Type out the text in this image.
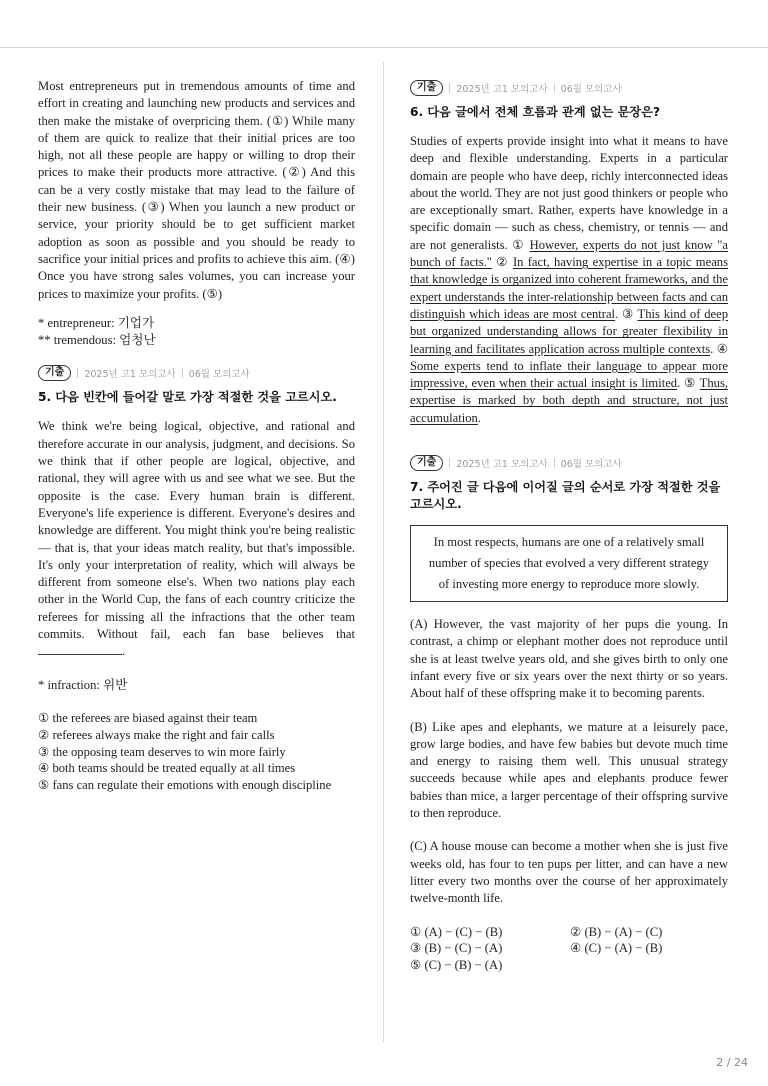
Most entrepreneurs put in tremendous amounts of time and effort in creating and launching new products and services and then make the mistake of overpricing them. (①) While many of them are quick to realize that their initial prices are too high, not all these people are happy or willing to drop their prices to make their products more attractive. (②) And this can be a very costly mistake that may lead to the failure of their new business. (③) When you launch a new product or service, your priority should be to get sufficient market adoption as soon as possible and you should be ready to sacrifice your initial prices and profits to achieve this aim. (④) Once you have strong sales volumes, you can increase your prices to maximize your profits. (⑤)

* entrepreneur: 기업가

** tremendous: 엄청난

기출	2025년 고1 모의고사 06월 모의고사
5. 다음 빈칸에 들어갈 말로 가장 적절한 것을 고르시오.

We think we're being logical, objective, and rational and therefore accurate in our analysis, judgment, and decisions. So we think that if other people are logical, objective, and rational, they will agree with us and see what we see. But the opposite is the case. Every human brain is different. Everyone's life experience is different. Everyone's desires and knowledge are different. You might think you're being realistic — that is, that your ideas match reality, but that's impossible. It's only your interpretation of reality, which will always be different from someone else's. When two nations play each other in the World Cup, the fans of each country criticize the referees for missing all the infractions that the other team commits. Without fail, each fan base believes that .

* infraction: 위반

① the referees are biased against their team

② referees always make the right and fair calls

③ the opposing team deserves to win more fairly

④ both teams should be treated equally at all times

⑤ fans can regulate their emotions with enough discipline

기출	2025년 고1 모의고사 06월 모의고사
6. 다음 글에서 전체 흐름과 관계 없는 문장은?

Studies of experts provide insight into what it means to have deep and flexible understanding. Experts in a particular domain are people who have deep, richly interconnected ideas about the world. They are not just good thinkers or people who are exceptionally smart. Rather, experts have knowledge in a specific domain — such as chess, chemistry, or tennis — and are not generalists. ① However, experts do not just know "a bunch of facts." ② In fact, having expertise in a topic means that knowledge is organized into coherent frameworks, and the expert understands the inter-relationship between facts and can distinguish which ideas are most central. ③ This kind of deep but organized understanding allows for greater flexibility in learning and facilitates application across multiple contexts. ④ Some experts tend to inflate their language to appear more impressive, even when their actual insight is limited. ⑤ Thus, expertise is marked by both depth and structure, not just accumulation.

기출	2025년 고1 모의고사 06월 모의고사
7. 주어진 글 다음에 이어질 글의 순서로 가장 적절한 것을 고르시오.
In most respects, humans are one of a relatively small number of species that evolved a very different strategy of investing more energy to reproduce more slowly.

(A) However, the vast majority of her pups die young. In contrast, a chimp or elephant mother does not reproduce until she is at least twelve years old, and she gives birth to only one infant every five or six years over the next thirty or so years. About half of these offspring make it to becoming parents.

(B) Like apes and elephants, we mature at a leisurely pace, grow large bodies, and have few babies but devote much time and energy to raising them well. This unusual strategy succeeds because while apes and elephants produce fewer babies than mice, a larger percentage of their offspring survive to then reproduce.

(C) A house mouse can become a mother when she is just five weeks old, has four to ten pups per litter, and can have a new litter every two months over the course of her approximately twelve-month life.

① (A) − (C) − (B)	② (B) − (A) − (C)

③ (B) − (C) − (A)	④ (C) − (A) − (B)

⑤ (C) − (B) − (A)

2 / 24
